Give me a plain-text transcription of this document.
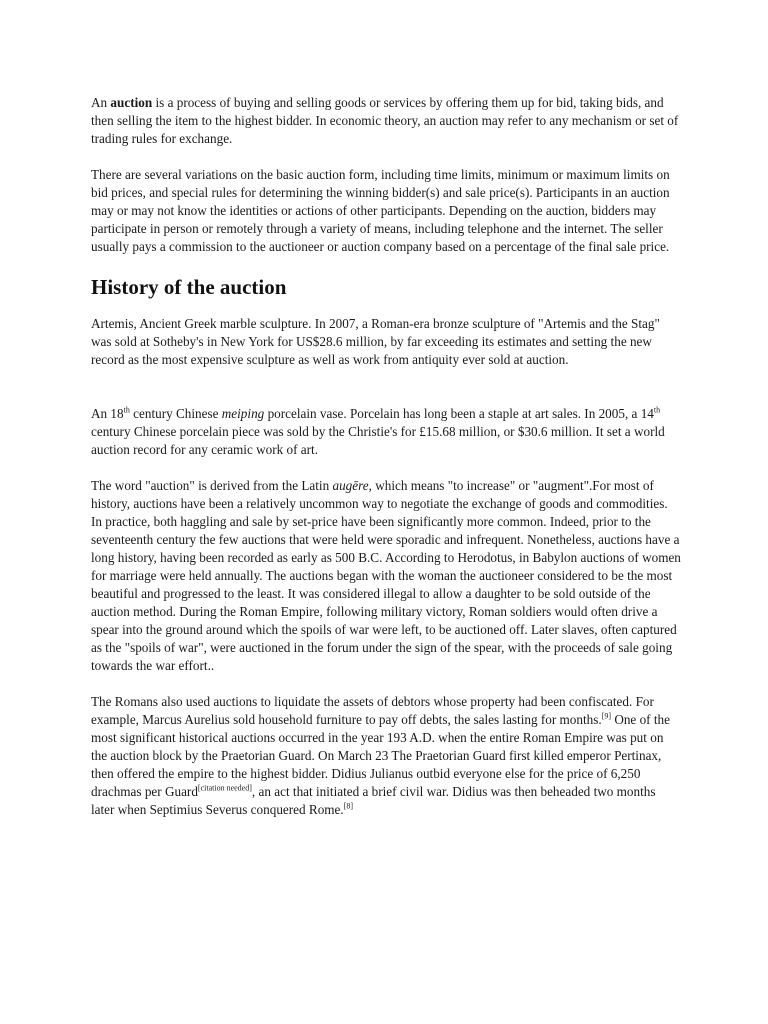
An auction is a process of buying and selling goods or services by offering them up for bid, taking bids, and then selling the item to the highest bidder. In economic theory, an auction may refer to any mechanism or set of trading rules for exchange.

There are several variations on the basic auction form, including time limits, minimum or maximum limits on bid prices, and special rules for determining the winning bidder(s) and sale price(s). Participants in an auction may or may not know the identities or actions of other participants. Depending on the auction, bidders may participate in person or remotely through a variety of means, including telephone and the internet. The seller usually pays a commission to the auctioneer or auction company based on a percentage of the final sale price.

History of the auction

Artemis, Ancient Greek marble sculpture. In 2007, a Roman-era bronze sculpture of "Artemis and the Stag" was sold at Sotheby's in New York for US$28.6 million, by far exceeding its estimates and setting the new record as the most expensive sculpture as well as work from antiquity ever sold at auction.

An 18th century Chinese meiping porcelain vase. Porcelain has long been a staple at art sales. In 2005, a 14th century Chinese porcelain piece was sold by the Christie's for £15.68 million, or $30.6 million. It set a world auction record for any ceramic work of art.

The word "auction" is derived from the Latin augēre, which means "to increase" or "augment".For most of history, auctions have been a relatively uncommon way to negotiate the exchange of goods and commodities. In practice, both haggling and sale by set-price have been significantly more common. Indeed, prior to the seventeenth century the few auctions that were held were sporadic and infrequent. Nonetheless, auctions have a long history, having been recorded as early as 500 B.C. According to Herodotus, in Babylon auctions of women for marriage were held annually. The auctions began with the woman the auctioneer considered to be the most beautiful and progressed to the least. It was considered illegal to allow a daughter to be sold outside of the auction method. During the Roman Empire, following military victory, Roman soldiers would often drive a spear into the ground around which the spoils of war were left, to be auctioned off. Later slaves, often captured as the "spoils of war", were auctioned in the forum under the sign of the spear, with the proceeds of sale going towards the war effort..

The Romans also used auctions to liquidate the assets of debtors whose property had been confiscated. For example, Marcus Aurelius sold household furniture to pay off debts, the sales lasting for months.[9] One of the most significant historical auctions occurred in the year 193 A.D. when the entire Roman Empire was put on the auction block by the Praetorian Guard. On March 23 The Praetorian Guard first killed emperor Pertinax, then offered the empire to the highest bidder. Didius Julianus outbid everyone else for the price of 6,250 drachmas per Guard[citation needed], an act that initiated a brief civil war. Didius was then beheaded two months later when Septimius Severus conquered Rome.[8]
